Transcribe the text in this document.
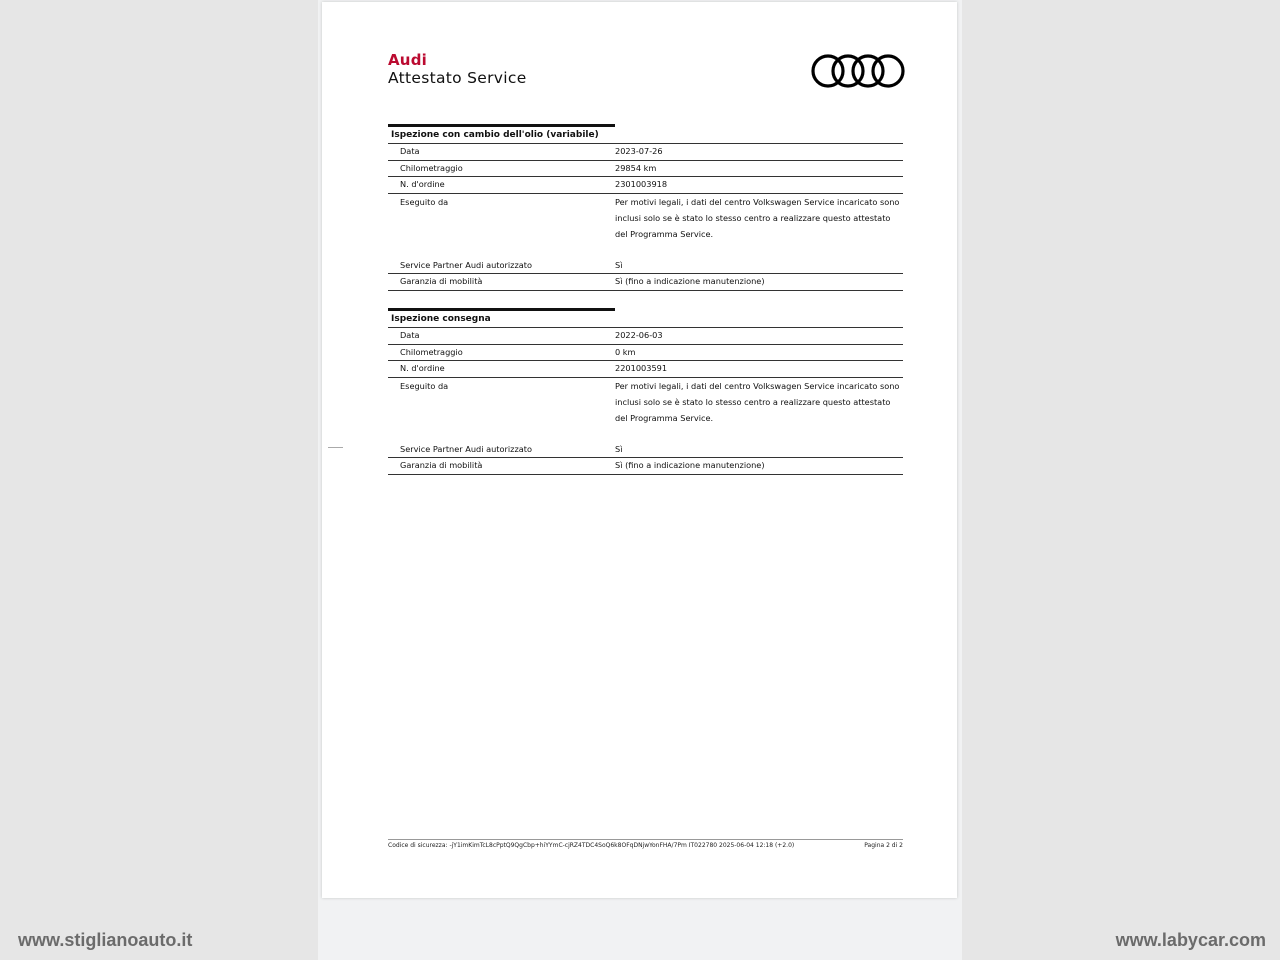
Audi
Attestato Service
Ispezione con cambio dell'olio (variabile)
Data	2023-07-26
Chilometraggio	29854 km
N. d'ordine	2301003918
Eseguito da	Per motivi legali, i dati del centro Volkswagen Service incaricato sono inclusi solo se è stato lo stesso centro a realizzare questo attestato del Programma Service.
Service Partner Audi autorizzato	Sì
Garanzia di mobilità	Sì (fino a indicazione manutenzione)
Ispezione consegna
Data	2022-06-03
Chilometraggio	0 km
N. d'ordine	2201003591
Eseguito da	Per motivi legali, i dati del centro Volkswagen Service incaricato sono inclusi solo se è stato lo stesso centro a realizzare questo attestato del Programma Service.
Service Partner Audi autorizzato	Sì
Garanzia di mobilità	Sì (fino a indicazione manutenzione)
Codice di sicurezza: -jY1imKimTcL8cPptQ9QgCbp+hiYYmC-cjRZ4TDC4SoQ6k8OFqDNjwYonFHA/7Pm IT022780 2025-06-04 12:18 (+2.0)	Pagina 2 di 2
www.stiglianoauto.it	www.labycar.com
